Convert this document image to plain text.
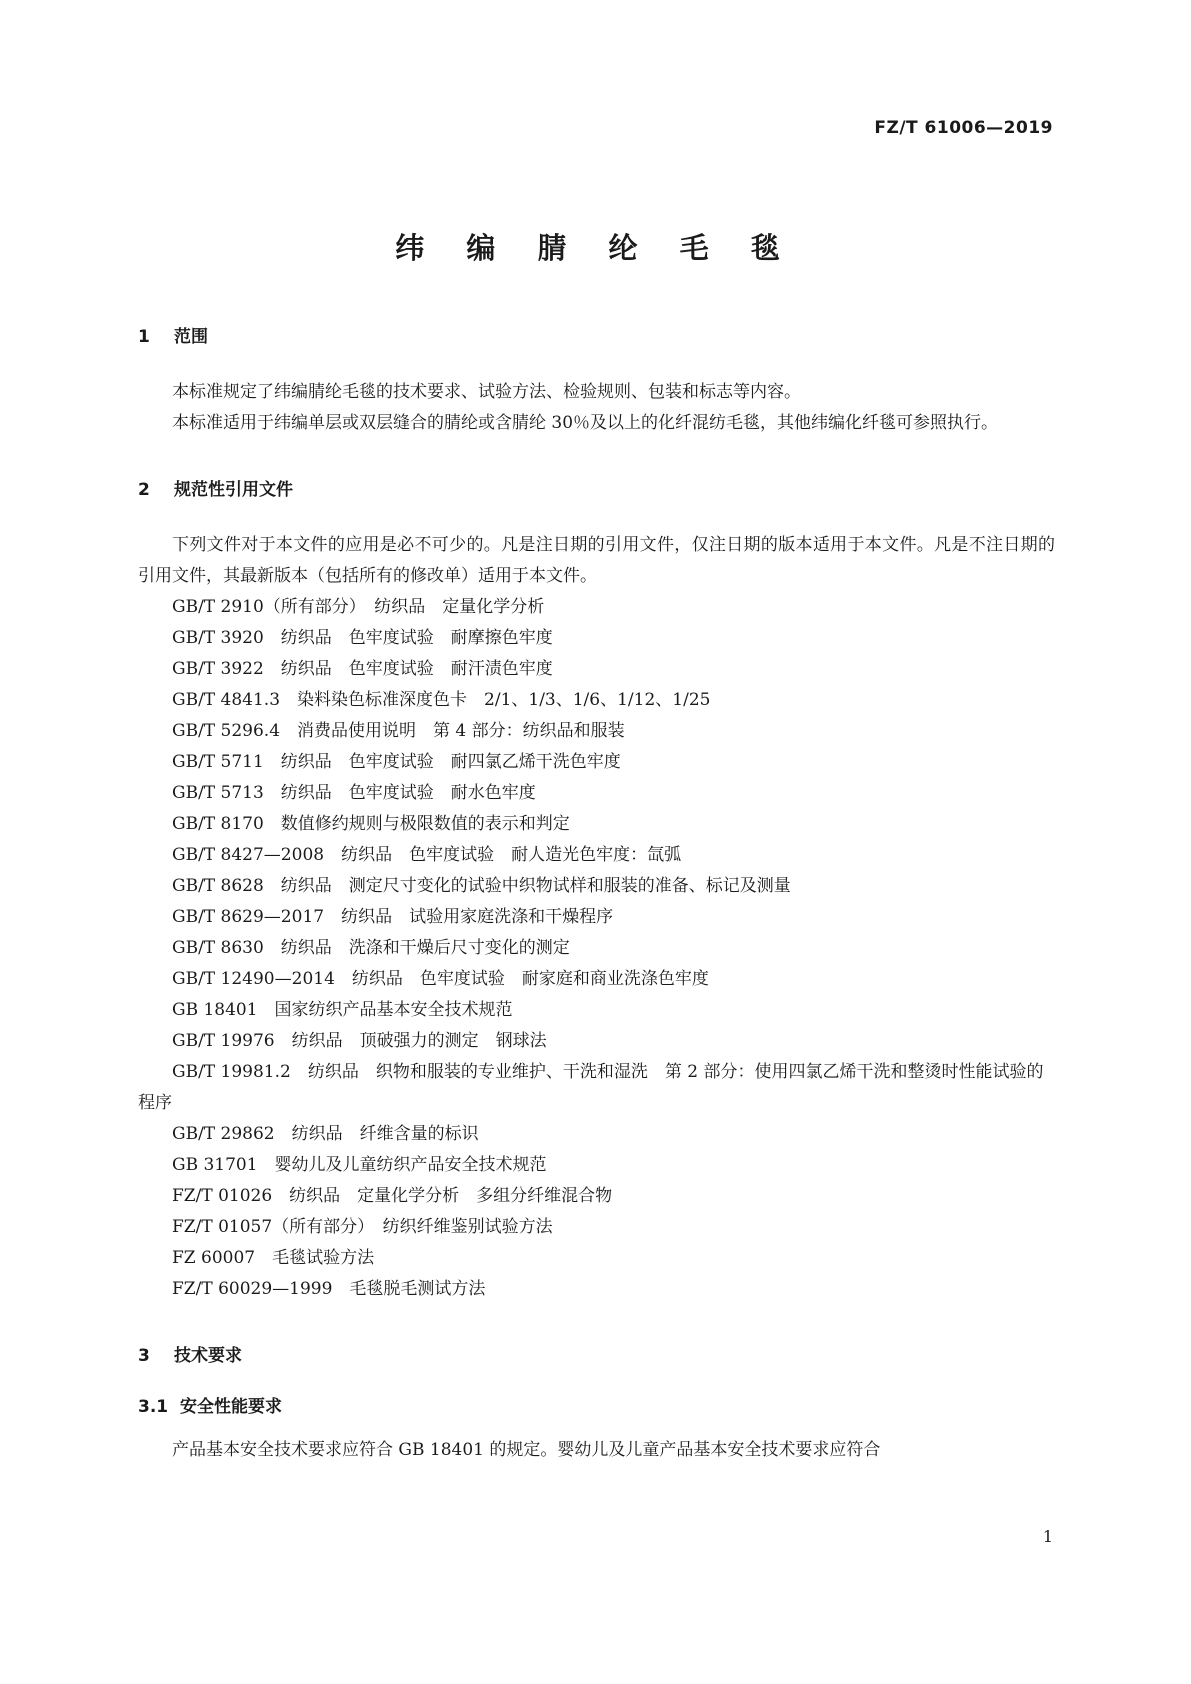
FZ/T 61006—2019
纬 编 腈 纶 毛 毯
1 范围

本标准规定了纬编腈纶毛毯的技术要求、试验方法、检验规则、包装和标志等内容。

本标准适用于纬编单层或双层缝合的腈纶或含腈纶 30％及以上的化纤混纺毛毯，其他纬编化纤毯可参照执行。

2 规范性引用文件

下列文件对于本文件的应用是必不可少的。凡是注日期的引用文件，仅注日期的版本适用于本文件。凡是不注日期的引用文件，其最新版本（包括所有的修改单）适用于本文件。

GB/T 2910（所有部分）　纺织品　定量化学分析
GB/T 3920　纺织品　色牢度试验　耐摩擦色牢度
GB/T 3922　纺织品　色牢度试验　耐汗渍色牢度
GB/T 4841.3　染料染色标准深度色卡　2/1、1/3、1/6、1/12、1/25
GB/T 5296.4　消费品使用说明　第 4 部分：纺织品和服装
GB/T 5711　纺织品　色牢度试验　耐四氯乙烯干洗色牢度
GB/T 5713　纺织品　色牢度试验　耐水色牢度
GB/T 8170　数值修约规则与极限数值的表示和判定
GB/T 8427—2008　纺织品　色牢度试验　耐人造光色牢度：氙弧
GB/T 8628　纺织品　测定尺寸变化的试验中织物试样和服装的准备、标记及测量
GB/T 8629—2017　纺织品　试验用家庭洗涤和干燥程序
GB/T 8630　纺织品　洗涤和干燥后尺寸变化的测定
GB/T 12490—2014　纺织品　色牢度试验　耐家庭和商业洗涤色牢度
GB 18401　国家纺织产品基本安全技术规范
GB/T 19976　纺织品　顶破强力的测定　钢球法
GB/T 19981.2　纺织品　织物和服装的专业维护、干洗和湿洗　第 2 部分：使用四氯乙烯干洗和整烫时性能试验的程序
GB/T 29862　纺织品　纤维含量的标识
GB 31701　婴幼儿及儿童纺织产品安全技术规范
FZ/T 01026　纺织品　定量化学分析　多组分纤维混合物
FZ/T 01057（所有部分）　纺织纤维鉴别试验方法
FZ 60007　毛毯试验方法
FZ/T 60029—1999　毛毯脱毛测试方法
3 技术要求
3.1 安全性能要求

产品基本安全技术要求应符合 GB 18401 的规定。婴幼儿及儿童产品基本安全技术要求应符合

1
